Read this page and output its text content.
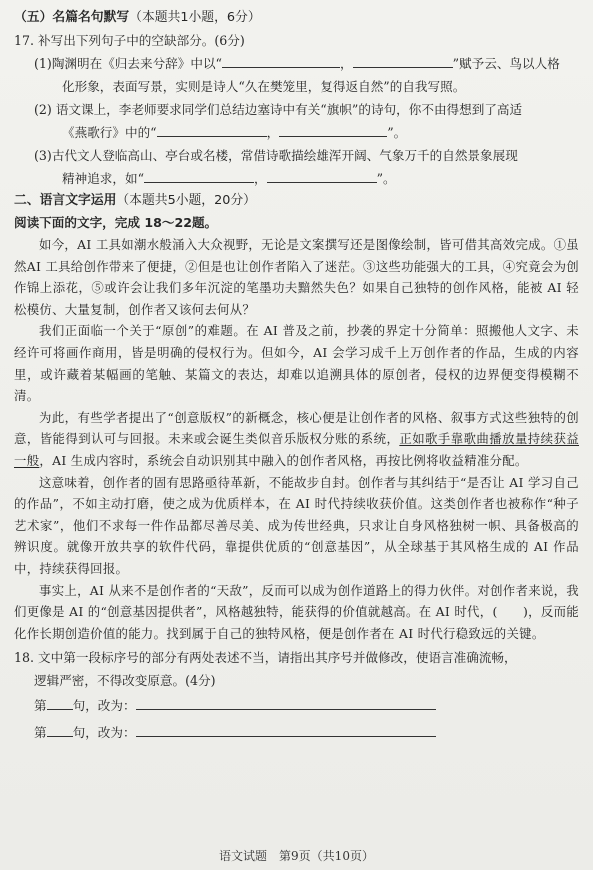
（五）名篇名句默写（本题共1小题，6分）
17. 补写出下列句子中的空缺部分。(6分)
(1)陶渊明在《归去来兮辞》中以“	，	”赋予云、鸟以人格
化形象，表面写景，实则是诗人“久在樊笼里，复得返自然”的自我写照。
(2) 语文课上，李老师要求同学们总结边塞诗中有关“旗帜”的诗句，你不由得想到了高适
《燕歌行》中的“	，	”。
(3)古代文人登临高山、亭台或名楼，常借诗歌描绘雄浑开阔、气象万千的自然景象展现
精神追求，如“	，	”。
二、语言文字运用（本题共5小题，20分）
阅读下面的文字，完成 18～22题。

如今，AI 工具如潮水般涌入大众视野，无论是文案撰写还是图像绘制，皆可借其高效完成。①虽然AI 工具给创作带来了便捷，②但是也让创作者陷入了迷茫。③这些功能强大的工具，④究竟会为创作锦上添花，⑤或许会让我们多年沉淀的笔墨功夫黯然失色？如果自己独特的创作风格，能被 AI 轻松模仿、大量复制，创作者又该何去何从？

我们正面临一个关于“原创”的难题。在 AI 普及之前，抄袭的界定十分简单：照搬他人文字、未经许可将画作商用，皆是明确的侵权行为。但如今，AI 会学习成千上万创作者的作品，生成的内容里，或许藏着某幅画的笔触、某篇文的表达，却难以追溯具体的原创者，侵权的边界便变得模糊不清。

为此，有些学者提出了“创意版权”的新概念，核心便是让创作者的风格、叙事方式这些独特的创意，皆能得到认可与回报。未来或会诞生类似音乐版权分账的系统，正如歌手靠歌曲播放量持续获益一般，AI 生成内容时，系统会自动识别其中融入的创作者风格，再按比例将收益精准分配。

这意味着，创作者的固有思路亟待革新，不能故步自封。创作者与其纠结于“是否让 AI 学习自己的作品”，不如主动打磨，使之成为优质样本，在 AI 时代持续收获价值。这类创作者也被称作“种子艺术家”，他们不求每一件作品都尽善尽美、成为传世经典，只求让自身风格独树一帜、具备极高的辨识度。就像开放共享的软件代码，靠提供优质的“创意基因”，从全球基于其风格生成的 AI 作品中，持续获得回报。

事实上，AI 从来不是创作者的“天敌”，反而可以成为创作道路上的得力伙伴。对创作者来说，我们更像是 AI 的“创意基因提供者”，风格越独特，能获得的价值就越高。在 AI 时代，(　　)，反而能化作长期创造价值的能力。找到属于自己的独特风格，便是创作者在 AI 时代行稳致远的关键。

18. 文中第一段标序号的部分有两处表述不当，请指出其序号并做修改，使语言准确流畅，
逻辑严密，不得改变原意。(4分)
第 句，改为：
第 句，改为：
语文试题　第9页（共10页）
